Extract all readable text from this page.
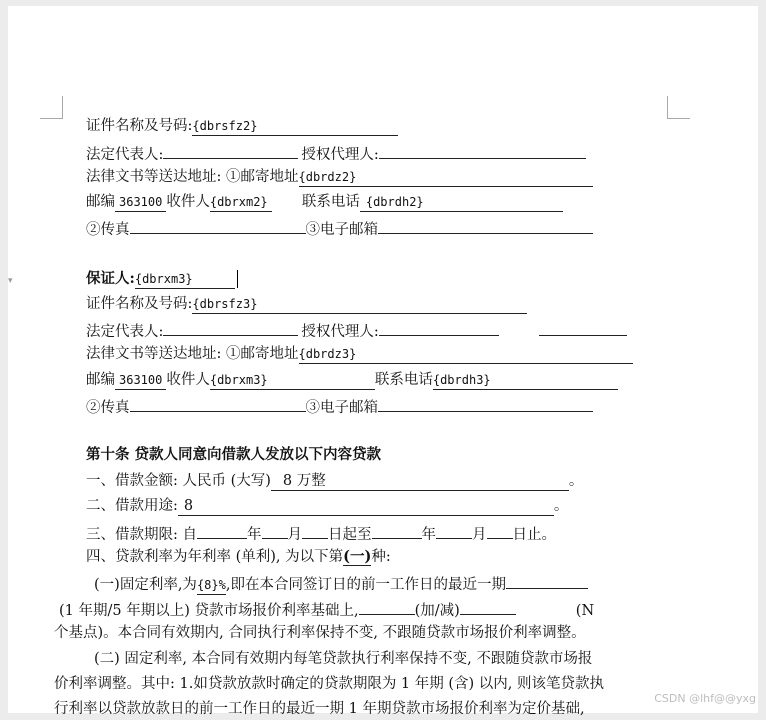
▾
证件名称及号码:{dbrsfz2}
法定代表人:	授权代理人:
法律文书等送达地址: ①邮寄地址{dbrdz2}
邮编 363100 收件人{dbrxm2} 联系电话 {dbrdh2}
②传真	③电子邮箱
保证人:{dbrxm3}
证件名称及号码:{dbrsfz3}
法定代表人:	授权代理人:
法律文书等送达地址: ①邮寄地址{dbrdz3}
邮编 363100 收件人{dbrxm3}	联系电话{dbrdh3}
②传真	③电子邮箱
第十条 贷款人同意向借款人发放以下内容贷款
一、借款金额: 人民币 (大写) 8 万整	。
二、借款用途: 8	。
三、借款期限: 自	年 月 日起至	年 月 日止。
四、贷款利率为年利率 (单利), 为以下第(一)种:
(一)固定利率,为{8}%,即在本合同签订日的前一工作日的最近一期
(1 年期/5 年期以上) 贷款市场报价利率基础上,	(加/减)	(N
个基点)。本合同有效期内, 合同执行利率保持不变, 不跟随贷款市场报价利率调整。
(二) 固定利率, 本合同有效期内每笔贷款执行利率保持不变, 不跟随贷款市场报
价利率调整。其中: 1.如贷款放款时确定的贷款期限为 1 年期 (含) 以内, 则该笔贷款执
行利率以贷款放款日的前一工作日的最近一期 1 年期贷款市场报价利率为定价基础,
CSDN @lhf@@yxg
